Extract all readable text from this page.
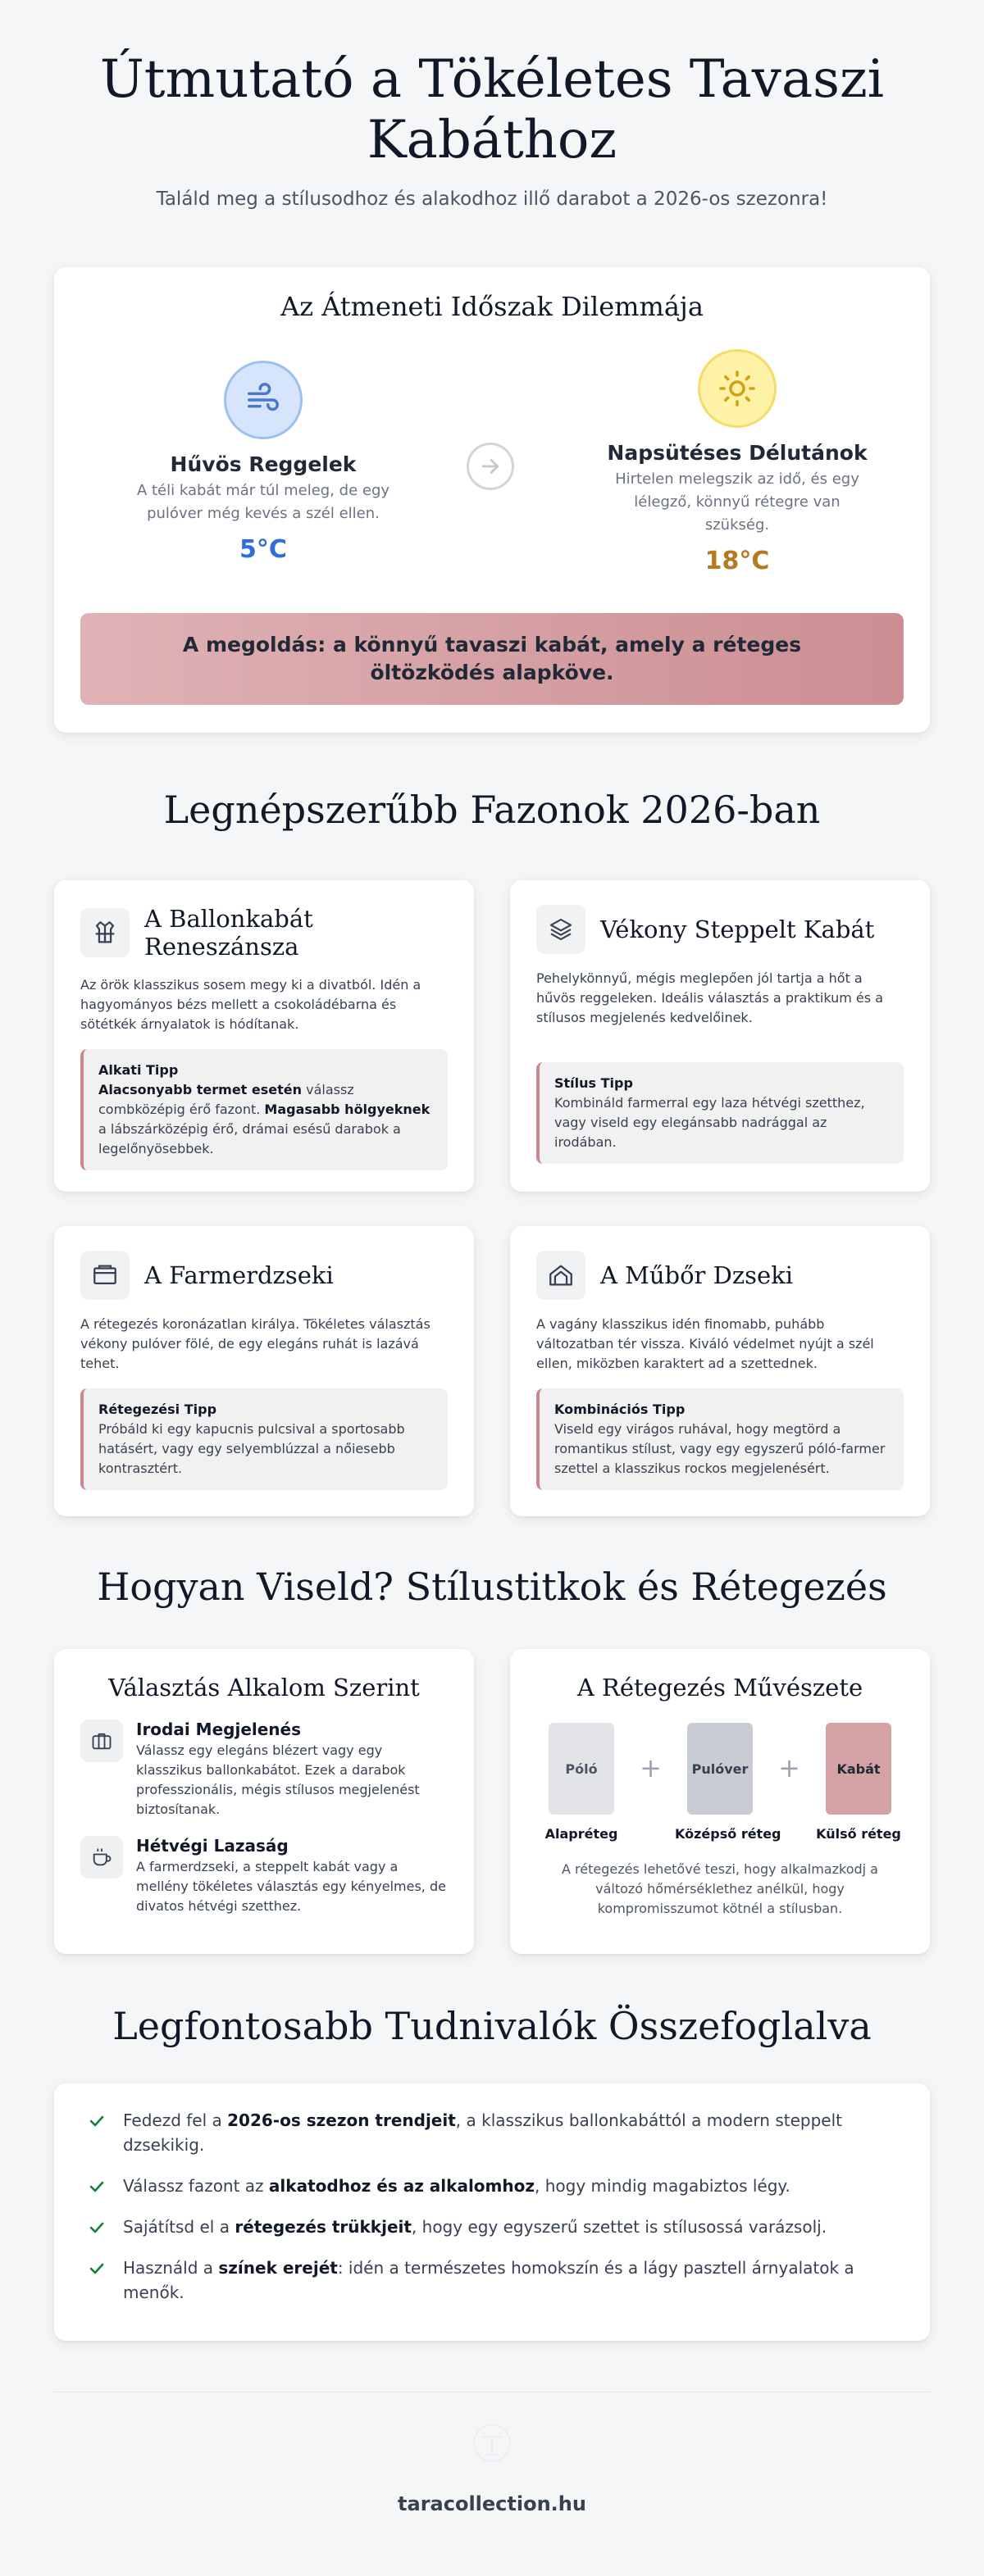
Útmutató a Tökéletes Tavaszi Kabáthoz

Találd meg a stílusodhoz és alakodhoz illő darabot a 2026-os szezonra!

Az Átmeneti Időszak Dilemmája
Hűvös Reggelek
A téli kabát már túl meleg, de egy pulóver még kevés a szél ellen.
5°C
Napsütéses Délutánok
Hirtelen melegszik az idő, és egy lélegző, könnyű rétegre van szükség.
18°C
A megoldás: a könnyű tavaszi kabát, amely a réteges öltözködés alapköve.
Legnépszerűbb Fazonok 2026-ban
A Ballonkabát Reneszánsza

Az örök klasszikus sosem megy ki a divatból. Idén a hagyományos bézs mellett a csokoládébarna és sötétkék árnyalatok is hódítanak.

Alkati Tipp
Alacsonyabb termet esetén válassz combközépig érő fazont. Magasabb hölgyeknek a lábszárközépig érő, drámai esésű darabok a legelőnyösebbek.
Vékony Steppelt Kabát

Pehelykönnyű, mégis meglepően jól tartja a hőt a hűvös reggeleken. Ideális választás a praktikum és a stílusos megjelenés kedvelőinek.

Stílus Tipp
Kombináld farmerral egy laza hétvégi szetthez, vagy viseld egy elegánsabb nadrággal az irodában.
A Farmerdzseki

A rétegezés koronázatlan királya. Tökéletes választás vékony pulóver fölé, de egy elegáns ruhát is lazává tehet.

Rétegezési Tipp
Próbáld ki egy kapucnis pulcsival a sportosabb hatásért, vagy egy selyemblúzzal a nőiesebb kontrasztért.
A Műbőr Dzseki

A vagány klasszikus idén finomabb, puhább változatban tér vissza. Kiváló védelmet nyújt a szél ellen, miközben karaktert ad a szettednek.

Kombinációs Tipp
Viseld egy virágos ruhával, hogy megtörd a romantikus stílust, vagy egy egyszerű póló-farmer szettel a klasszikus rockos megjelenésért.
Hogyan Viseld? Stílustitkok és Rétegezés
Választás Alkalom Szerint
Irodai Megjelenés
Válassz egy elegáns blézert vagy egy klasszikus ballonkabátot. Ezek a darabok professzionális, mégis stílusos megjelenést biztosítanak.
Hétvégi Lazaság
A farmerdzseki, a steppelt kabát vagy a mellény tökéletes választás egy kényelmes, de divatos hétvégi szetthez.
A Rétegezés Művészete
Póló
Alapréteg
+	Pulóver
Középső réteg
+	Kabát
Külső réteg

A rétegezés lehetővé teszi, hogy alkalmazkodj a változó hőmérséklethez anélkül, hogy kompromisszumot kötnél a stílusban.

Legfontosabb Tudnivalók Összefoglalva
Fedezd fel a 2026-os szezon trendjeit, a klasszikus ballonkabáttól a modern steppelt dzsekikig.
Válassz fazont az alkatodhoz és az alkalomhoz, hogy mindig magabiztos légy.
Sajátítsd el a rétegezés trükkjeit, hogy egy egyszerű szettet is stílusossá varázsolj.
Használd a színek erejét: idén a természetes homokszín és a lágy pasztell árnyalatok a menők.
taracollection.hu
